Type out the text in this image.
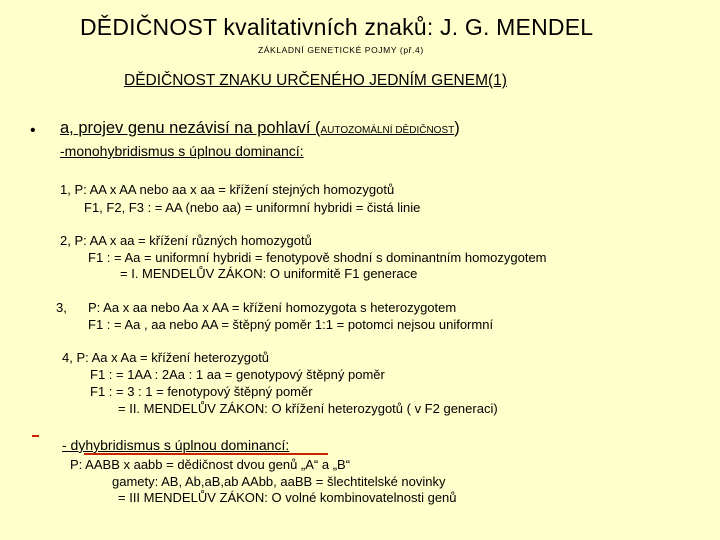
DĚDIČNOST kvalitativních znaků: J. G. MENDEL
ZÁKLADNÍ GENETICKÉ POJMY (př.4)
DĚDIČNOST ZNAKU URČENÉHO JEDNÍM GENEM(1)
• a, projev genu nezávisí na pohlaví (AUTOZOMÁLNÍ DĚDIČNOST)
-monohybridismus s úplnou dominancí:
1, P: AA x AA nebo aa x aa = křížení stejných homozygotů
F1, F2, F3 : = AA (nebo aa) = uniformní hybridi = čistá linie
2, P: AA x aa = křížení různých homozygotů
F1 : = Aa = uniformní hybridi = fenotypově shodní s dominantním homozygotem
= I. MENDELŮV ZÁKON: O uniformitě F1 generace
3, P: Aa x aa nebo Aa x AA = křížení homozygota s heterozygotem
F1 : = Aa , aa nebo AA = štěpný poměr 1:1 = potomci nejsou uniformní
4, P: Aa x Aa = křížení heterozygotů
F1 : = 1AA : 2Aa : 1 aa = genotypový štěpný poměr
F1 : = 3 : 1 = fenotypový štěpný poměr
= II. MENDELŮV ZÁKON: O křížení heterozygotů ( v F2 generaci)
- dyhybridismus s úplnou dominancí:
P: AABB x aabb = dědičnost dvou genů „A“ a „B“
gamety: AB, Ab,aB,ab AAbb, aaBB = šlechtitelské novinky
= III MENDELŮV ZÁKON: O volné kombinovatelnosti genů
